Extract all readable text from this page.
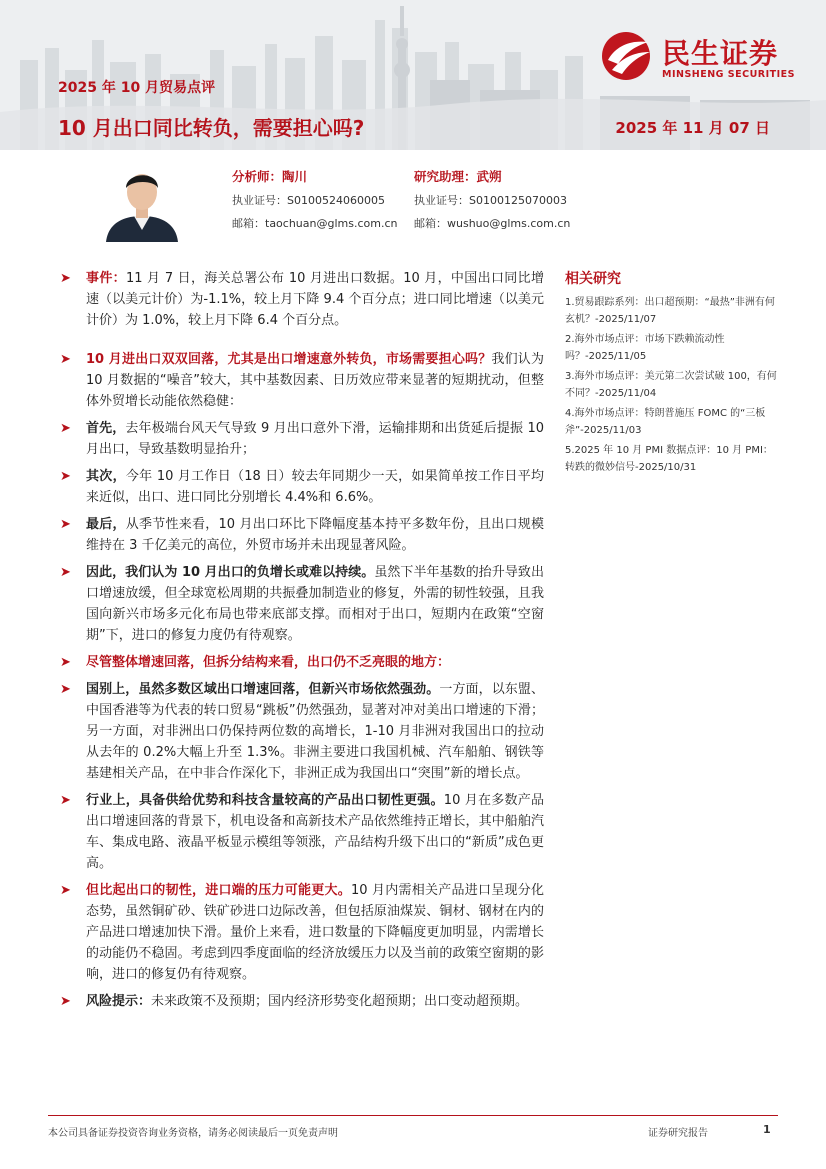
2025 年 10 月贸易点评
10 月出口同比转负，需要担心吗?	2025 年 11 月 07 日
民生证券
MINSHENG SECURITIES
分析师：陶川
执业证号：S0100524060005
邮箱：taochuan@glms.com.cn
研究助理：武朔
执业证号：S0100125070003
邮箱：wushuo@glms.com.cn
➤ 事件：11 月 7 日，海关总署公布 10 月进出口数据。10 月，中国出口同比增速（以美元计价）为-1.1%，较上月下降 9.4 个百分点；进口同比增速（以美元计价）为 1.0%，较上月下降 6.4 个百分点。
➤ 10 月进出口双双回落，尤其是出口增速意外转负，市场需要担心吗？我们认为 10 月数据的“噪音”较大，其中基数因素、日历效应带来显著的短期扰动，但整体外贸增长动能依然稳健：
➤ 首先，去年极端台风天气导致 9 月出口意外下滑，运输排期和出货延后提振 10 月出口，导致基数明显抬升；
➤ 其次，今年 10 月工作日（18 日）较去年同期少一天，如果简单按工作日平均来近似，出口、进口同比分别增长 4.4%和 6.6%。
➤ 最后，从季节性来看，10 月出口环比下降幅度基本持平多数年份，且出口规模维持在 3 千亿美元的高位，外贸市场并未出现显著风险。
➤ 因此，我们认为 10 月出口的负增长或难以持续。虽然下半年基数的抬升导致出口增速放缓，但全球宽松周期的共振叠加制造业的修复，外需的韧性较强，且我国向新兴市场多元化布局也带来底部支撑。而相对于出口，短期内在政策“空窗期”下，进口的修复力度仍有待观察。
➤ 尽管整体增速回落，但拆分结构来看，出口仍不乏亮眼的地方：
➤ 国别上，虽然多数区域出口增速回落，但新兴市场依然强劲。一方面，以东盟、中国香港等为代表的转口贸易“跳板”仍然强劲，显著对冲对美出口增速的下滑；另一方面，对非洲出口仍保持两位数的高增长，1-10 月非洲对我国出口的拉动从去年的 0.2%大幅上升至 1.3%。非洲主要进口我国机械、汽车船舶、钢铁等基建相关产品，在中非合作深化下，非洲正成为我国出口“突围”新的增长点。
➤ 行业上，具备供给优势和科技含量较高的产品出口韧性更强。10 月在多数产品出口增速回落的背景下，机电设备和高新技术产品依然维持正增长，其中船舶汽车、集成电路、液晶平板显示模组等领涨，产品结构升级下出口的“新质”成色更高。
➤ 但比起出口的韧性，进口端的压力可能更大。10 月内需相关产品进口呈现分化态势，虽然铜矿砂、铁矿砂进口边际改善，但包括原油煤炭、铜材、钢材在内的产品进口增速加快下滑。量价上来看，进口数量的下降幅度更加明显，内需增长的动能仍不稳固。考虑到四季度面临的经济放缓压力以及当前的政策空窗期的影响，进口的修复仍有待观察。
➤ 风险提示：未来政策不及预期；国内经济形势变化超预期；出口变动超预期。
相关研究
1.贸易跟踪系列：出口超预期：“最热”非洲有何玄机？-2025/11/07
2.海外市场点评：市场下跌赖流动性吗？-2025/11/05
3.海外市场点评：美元第二次尝试破 100，有何不同？-2025/11/04
4.海外市场点评：特朗普施压 FOMC 的“三板斧”-2025/11/03
5.2025 年 10 月 PMI 数据点评：10 月 PMI：转跌的微妙信号-2025/10/31
本公司具备证券投资咨询业务资格，请务必阅读最后一页免责声明	证券研究报告	1
